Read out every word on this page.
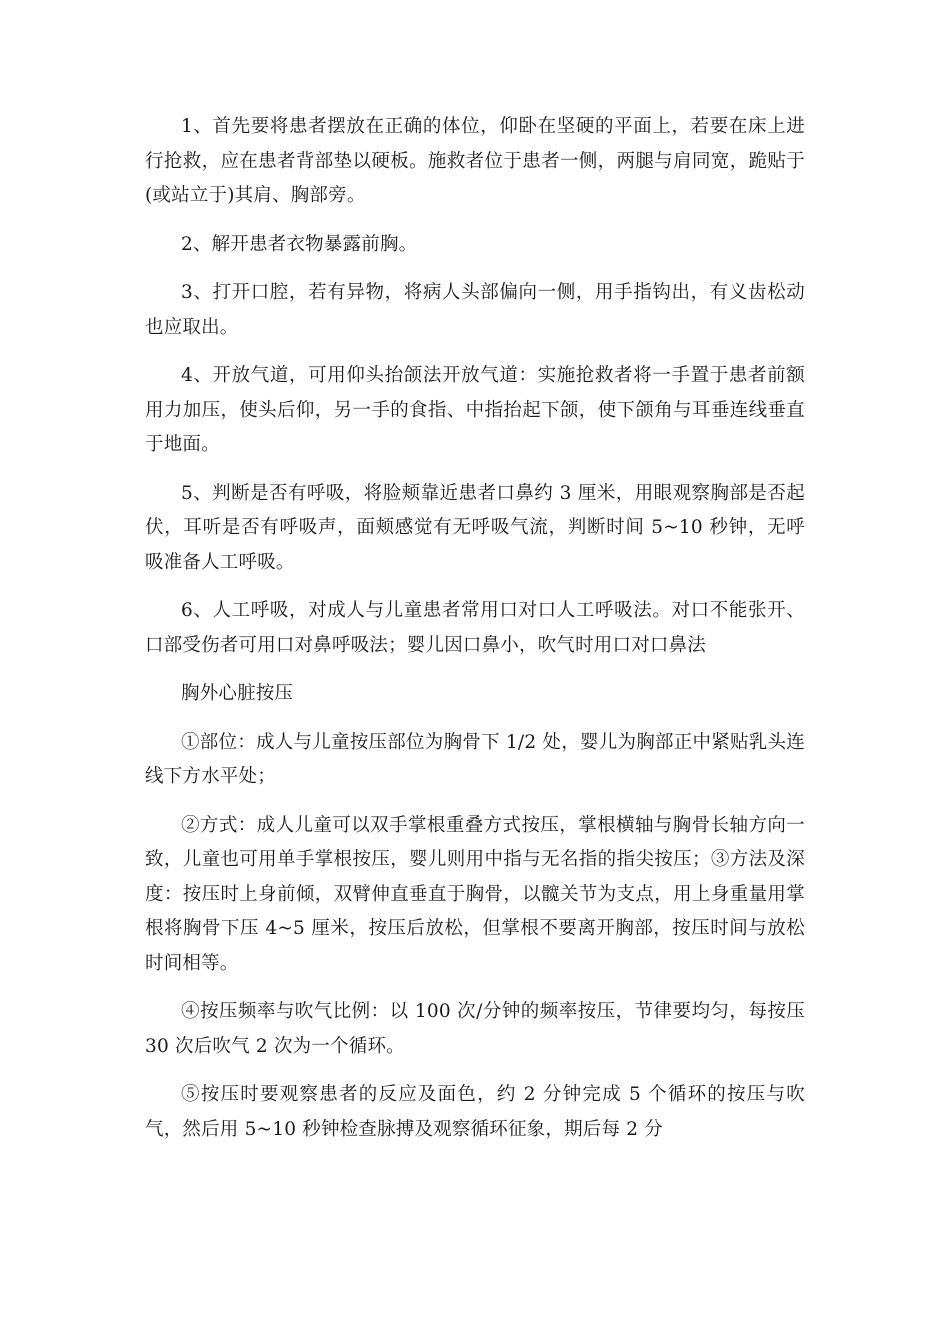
1、首先要将患者摆放在正确的体位，仰卧在坚硬的平面上，若要在床上进行抢救，应在患者背部垫以硬板。施救者位于患者一侧，两腿与肩同宽，跪贴于(或站立于)其肩、胸部旁。

2、解开患者衣物暴露前胸。

3、打开口腔，若有异物，将病人头部偏向一侧，用手指钩出，有义齿松动也应取出。

4、开放气道，可用仰头抬颌法开放气道：实施抢救者将一手置于患者前额用力加压，使头后仰，另一手的食指、中指抬起下颌，使下颌角与耳垂连线垂直于地面。

5、判断是否有呼吸，将脸颊靠近患者口鼻约 3 厘米，用眼观察胸部是否起伏，耳听是否有呼吸声，面颊感觉有无呼吸气流，判断时间 5~10 秒钟，无呼吸准备人工呼吸。

6、人工呼吸，对成人与儿童患者常用口对口人工呼吸法。对口不能张开、口部受伤者可用口对鼻呼吸法；婴儿因口鼻小，吹气时用口对口鼻法

胸外心脏按压

①部位：成人与儿童按压部位为胸骨下 1/2 处，婴儿为胸部正中紧贴乳头连线下方水平处；

②方式：成人儿童可以双手掌根重叠方式按压，掌根横轴与胸骨长轴方向一致，儿童也可用单手掌根按压，婴儿则用中指与无名指的指尖按压；③方法及深度：按压时上身前倾，双臂伸直垂直于胸骨，以髋关节为支点，用上身重量用掌根将胸骨下压 4~5 厘米，按压后放松，但掌根不要离开胸部，按压时间与放松时间相等。

④按压频率与吹气比例：以 100 次/分钟的频率按压，节律要均匀，每按压 30 次后吹气 2 次为一个循环。

⑤按压时要观察患者的反应及面色，约 2 分钟完成 5 个循环的按压与吹气，然后用 5~10 秒钟检查脉搏及观察循环征象，期后每 2 分
